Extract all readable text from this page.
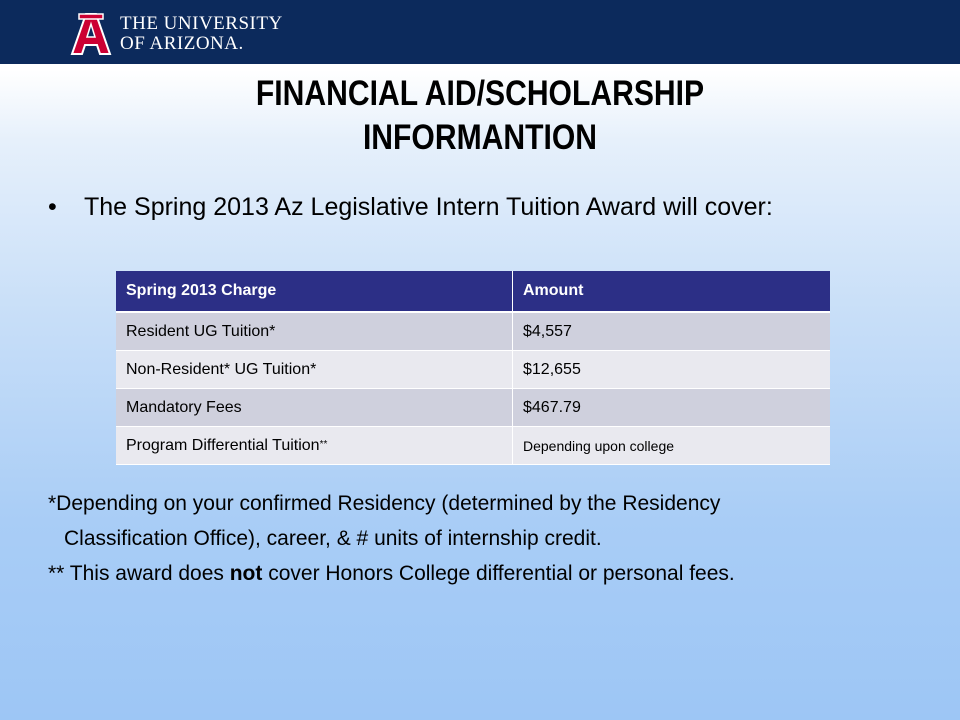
THE UNIVERSITY
OF ARIZONA.
FINANCIAL AID/SCHOLARSHIP
INFORMANTION
• The Spring 2013 Az Legislative Intern Tuition Award will cover:
Spring 2013 Charge	Amount
Resident UG Tuition*	$4,557
Non-Resident* UG Tuition*	$12,655
Mandatory Fees	$467.79
Program Differential Tuition**	Depending upon college
*Depending on your confirmed Residency (determined by the Residency
Classification Office), career, & # units of internship credit.
** This award does not cover Honors College differential or personal fees.
